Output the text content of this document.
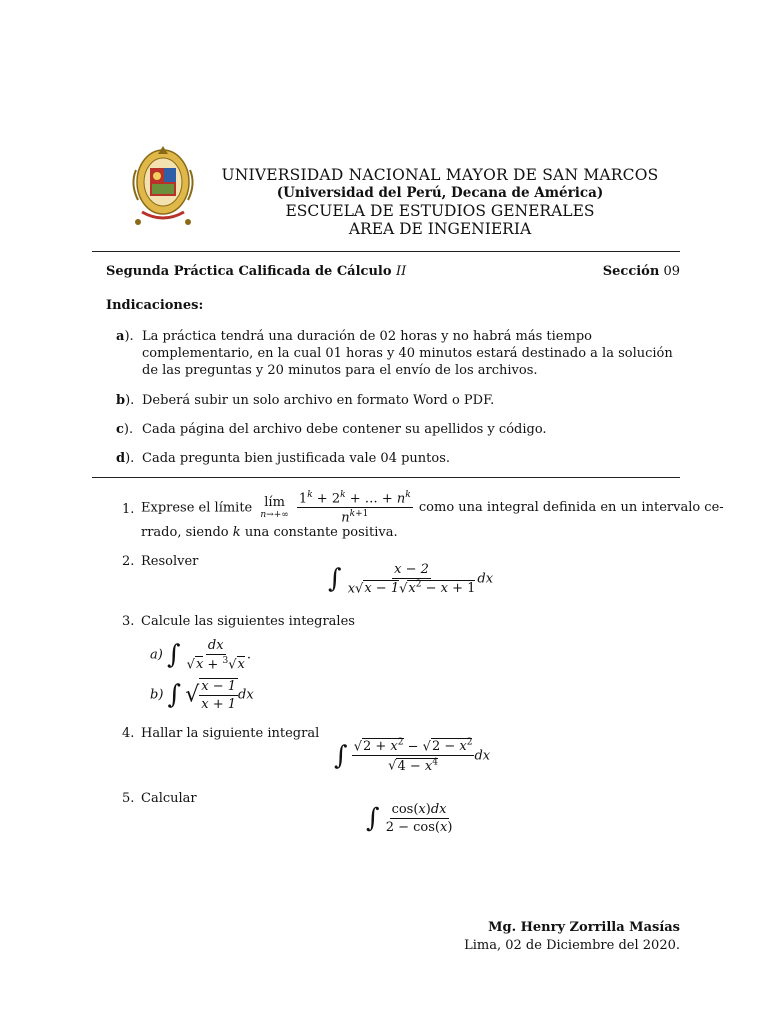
UNIVERSIDAD NACIONAL MAYOR DE SAN MARCOS
(Universidad del Perú, Decana de América)
ESCUELA DE ESTUDIOS GENERALES
AREA DE INGENIERIA
Segunda Práctica Calificada de Cálculo II	Sección 09
Indicaciones:
a). La práctica tendrá una duración de 02 horas y no habrá más tiempo complementario, en la cual 01 horas y 40 minutos estará destinado a la solución de las preguntas y 20 minutos para el envío de los archivos.
b). Deberá subir un solo archivo en formato Word o PDF.
c). Cada página del archivo debe contener su apellidos y código.
d). Cada pregunta bien justificada vale 04 puntos.
1. Exprese el límite lím
n→+∞
$\frac{1^k + 2^k + \dots + n^k}{n^{k+1}}$ como una integral definida en un intervalo ce-
rrado, siendo k una constante positiva.
2. Resolver
∫ $\frac{x - 2}{x√x - 1√x^2 - x + 1}$ dx
3. Calcule las siguientes integrales
a) ∫ $\frac{dx}{√x + ^3√x}$ .
b) ∫ √ $\frac{x - 1}{x + 1}$ dx
4. Hallar la siguiente integral
∫ $\frac{√2 + x^2 - √2 - x^2}{√4 - x^4}$ dx
5. Calcular
∫ $\frac{\cos(x)dx}{2 - \cos(x)}$
Mg. Henry Zorrilla Masías
Lima, 02 de Diciembre del 2020.
